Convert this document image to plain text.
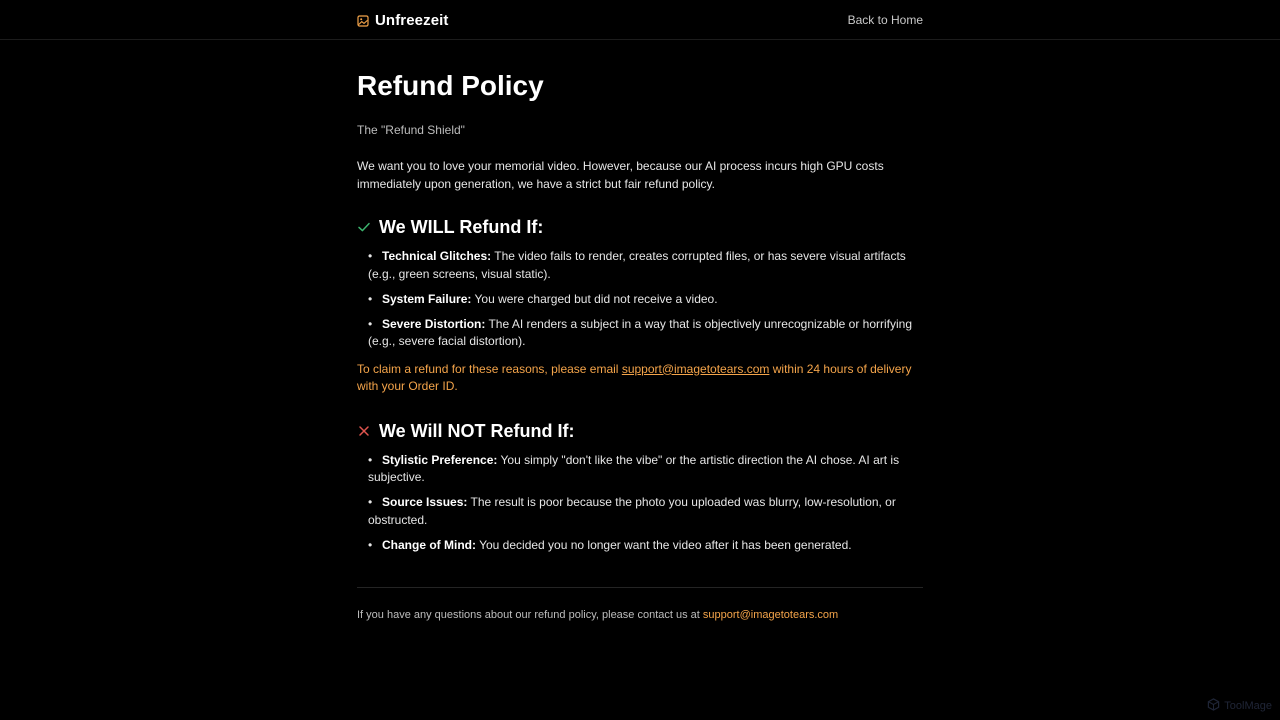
Unfreezeit	Back to Home
Refund Policy

The "Refund Shield"

We want you to love your memorial video. However, because our AI process incurs high GPU costs immediately upon generation, we have a strict but fair refund policy.

We WILL Refund If:
• Technical Glitches: The video fails to render, creates corrupted files, or has severe visual artifacts (e.g., green screens, visual static).
• System Failure: You were charged but did not receive a video.
• Severe Distortion: The AI renders a subject in a way that is objectively unrecognizable or horrifying (e.g., severe facial distortion).

To claim a refund for these reasons, please email support@imagetotears.com within 24 hours of delivery with your Order ID.

We Will NOT Refund If:
• Stylistic Preference: You simply "don't like the vibe" or the artistic direction the AI chose. AI art is subjective.
• Source Issues: The result is poor because the photo you uploaded was blurry, low-resolution, or obstructed.
• Change of Mind: You decided you no longer want the video after it has been generated.

If you have any questions about our refund policy, please contact us at support@imagetotears.com

ToolMage
